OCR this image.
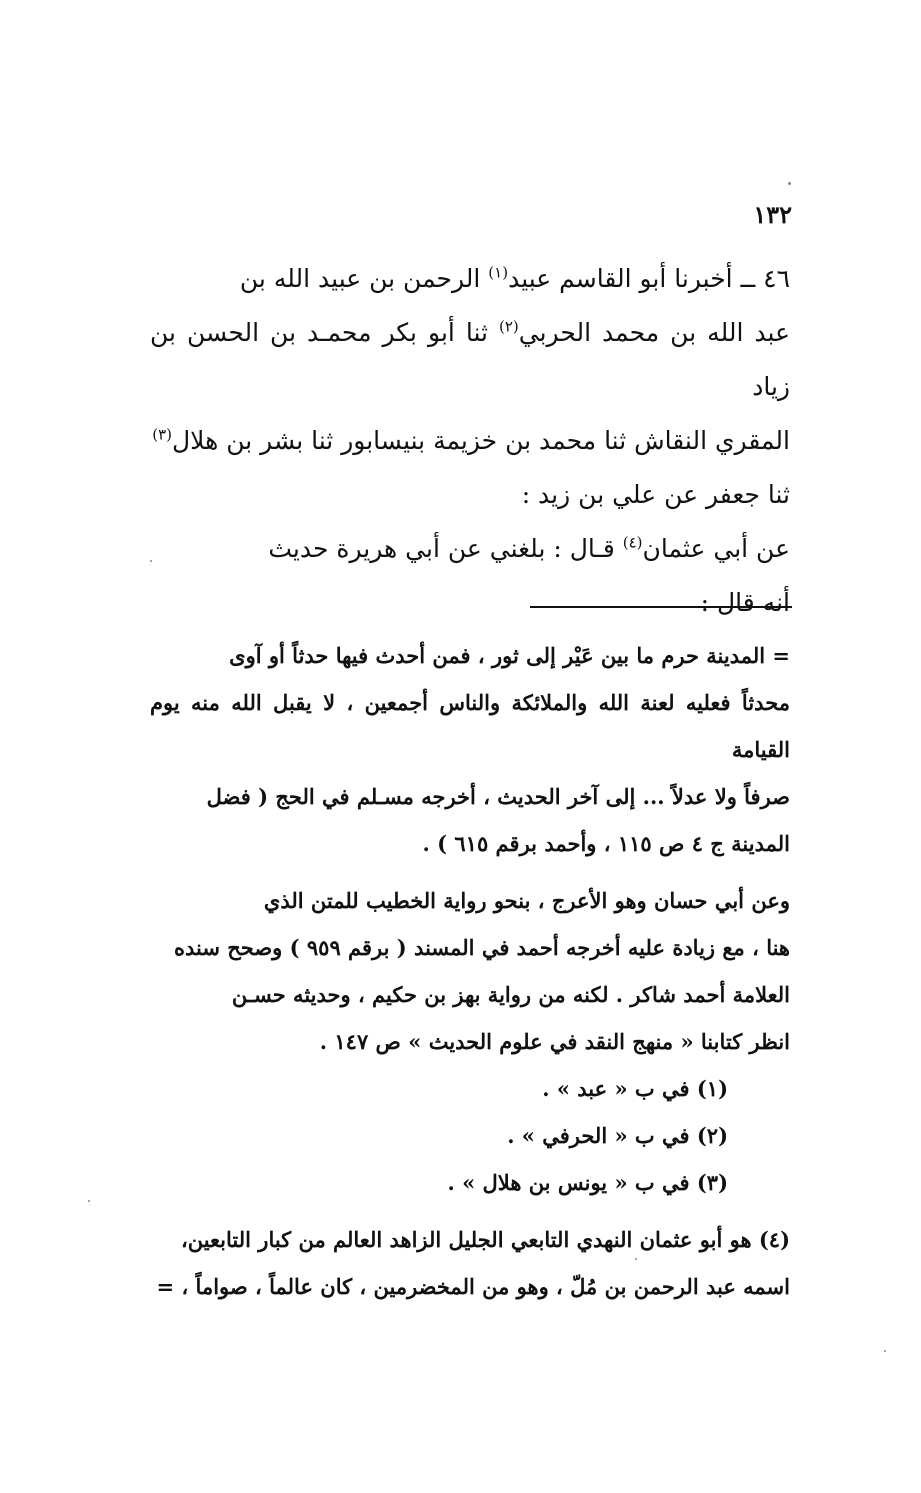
١٣٢

٤٦ ــ أخبرنا أبو القاسم عبيد$^{(١)}$ الرحمن بن عبيد الله بن

عبد الله بن محمد الحربي$^{(٢)}$ ثنا أبو بكر محمـد بن الحسن بن زياد

المقري النقاش ثنا محمد بن خزيمة بنيسابور ثنا بشر بن هلال$^{(٣)}$

ثنا جعفر عن علي بن زيد :

عن أبي عثمان$^{(٤)}$ قـال : بلغني عن أبي هريرة حديث

أنه قال :

= المدينة حرم ما بين عَيْر إلى ثور ، فمن أحدث فيها حدثاً أو آوى

محدثاً فعليه لعنة الله والملائكة والناس أجمعين ، لا يقبل الله منه يوم القيامة

صرفاً ولا عدلاً ... إلى آخر الحديث ، أخرجه مسـلم في الحج ( فضل

المدينة ج ٤ ص ١١٥ ، وأحمد برقم ٦١٥ ) .

وعن أبي حسان وهو الأعرج ، بنحو رواية الخطيب للمتن الذي

هنا ، مع زيادة عليه أخرجه أحمد في المسند ( برقم ٩٥٩ ) وصحح سنده

العلامة أحمد شاكر . لكنه من رواية بهز بن حكيم ، وحديثه حسـن

انظر كتابنا « منهج النقد في علوم الحديث » ص ١٤٧ .

(١) في ب « عبد » .

(٢) في ب « الحرفي » .

(٣) في ب « يونس بن هلال » .

(٤) هو أبو عثمان النهدي التابعي الجليل الزاهد العالم من كبار التابعين،

اسمه عبد الرحمن بن مُلّ ، وهو من المخضرمين ، كان عالماً ، صواماً ، =
